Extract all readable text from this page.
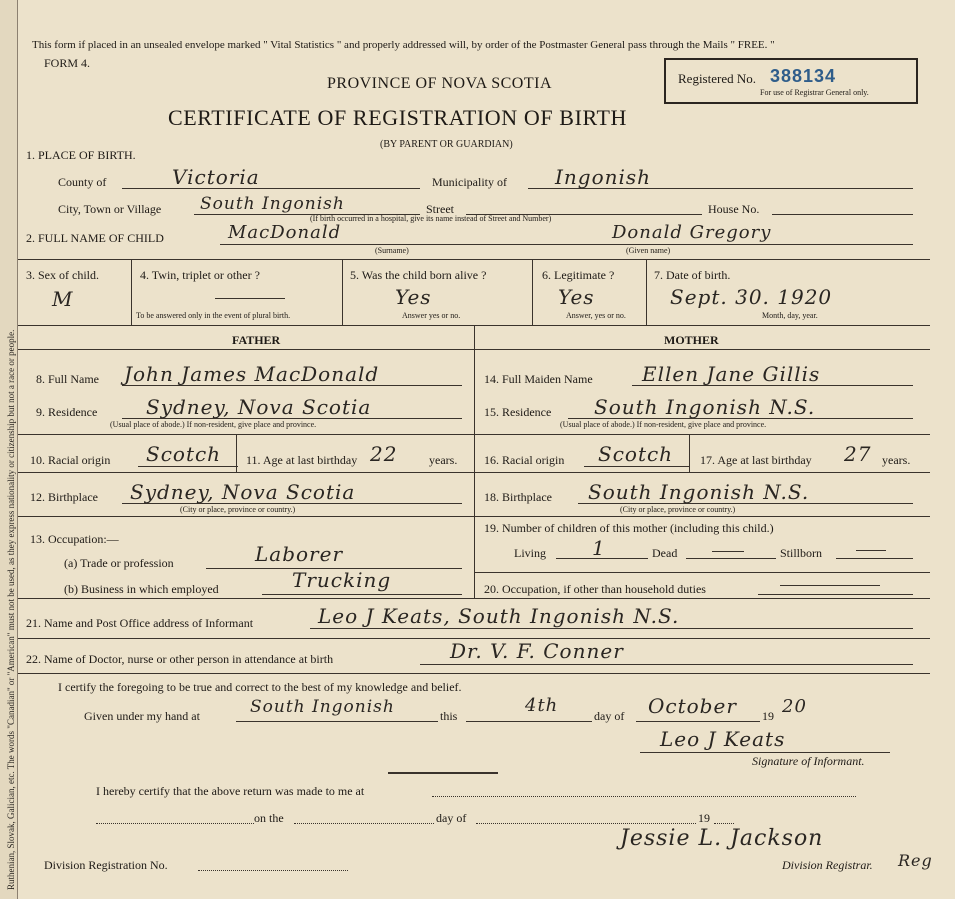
Ruthenian, Slovak, Galician, etc. The words "Canadian" or "American" must not be used, as they express nationality or citizenship but not a race or people.
This form if placed in an unsealed envelope marked " Vital Statistics " and properly addressed will, by order of the Postmaster General pass through the Mails " FREE. "
FORM 4.
PROVINCE OF NOVA SCOTIA
CERTIFICATE OF REGISTRATION OF BIRTH
(BY PARENT OR GUARDIAN)
Registered No. 388134
For use of Registrar General only.
1. PLACE OF BIRTH.
County of	Victoria	Municipality of Ingonish
City, Town or Village South Ingonish	Street	House No.
(If birth occurred in a hospital, give its name instead of Street and Number)
2. FULL NAME OF CHILD	MacDonald
(Surname)
Donald Gregory
(Given name)
3. Sex of child.
M
4. Twin, triplet or other ?
To be answered only in the event of plural birth.
5. Was the child born alive ?
Yes
Answer yes or no.
6. Legitimate ?
Yes
Answer, yes or no.
7. Date of birth.
Sept. 30. 1920
Month, day, year.
FATHER	MOTHER
8. Full Name John James MacDonald
9. Residence Sydney, Nova Scotia
(Usual place of abode.) If non-resident, give place and province.
10. Racial origin Scotch 11. Age at last birthday 22	years.
12. Birthplace Sydney, Nova Scotia
(City or place, province or country.)
13. Occupation:—
(a) Trade or profession	Laborer
(b) Business in which employed	Trucking
14. Full Maiden Name Ellen Jane Gillis
15. Residence South Ingonish N.S.
(Usual place of abode.) If non-resident, give place and province.
16. Racial origin Scotch 17. Age at last birthday 27 years.
18. Birthplace South Ingonish N.S.
(City or place, province or country.)
19. Number of children of this mother (including this child.)
Living 1	Dead	Stillborn
20. Occupation, if other than household duties
21. Name and Post Office address of Informant	Leo J Keats, South Ingonish N.S.
22. Name of Doctor, nurse or other person in attendance at birth	Dr. V. F. Conner
I certify the foregoing to be true and correct to the best of my knowledge and belief.
Given under my hand at	South Ingonish	this	4th	day of October 19 20
Leo J Keats
Signature of Informant.
I hereby certify that the above return was made to me at
on the	day of	19
Division Registration No.
Jessie L. Jackson
Division Registrar. Reg
